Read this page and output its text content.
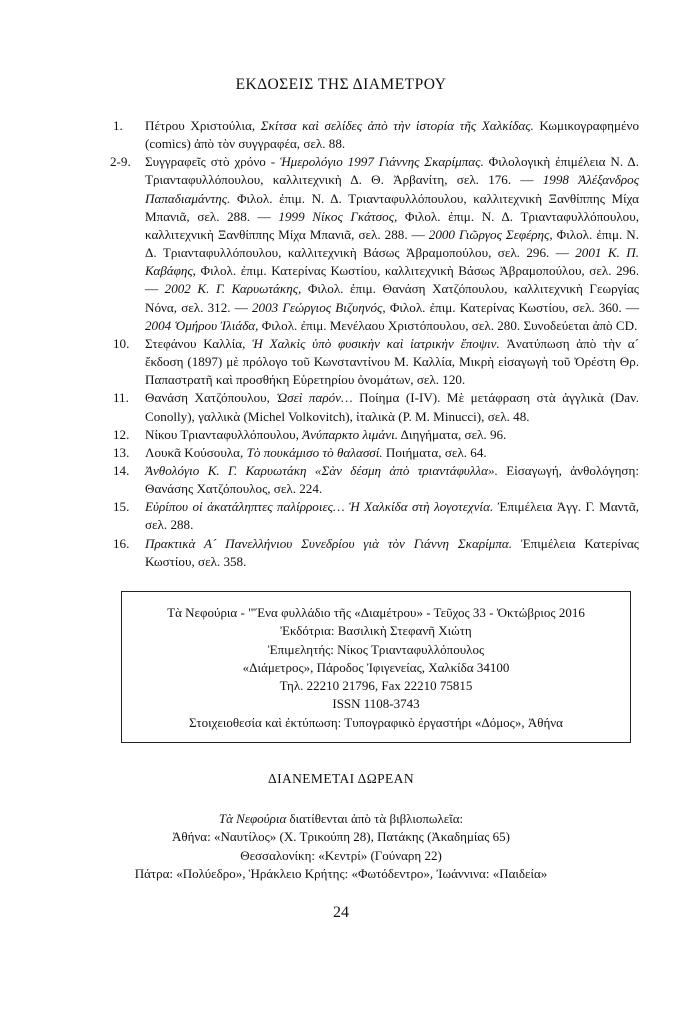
ΕΚΔΟΣΕΙΣ ΤΗΣ ΔΙΑΜΕΤΡΟΥ
1.	Πέτρου Χριστούλια, Σκίτσα καὶ σελίδες ἀπὸ τὴν ἱστορία τῆς Χαλκίδας. Κωμικογραφημένο (comics) ἀπὸ τὸν συγγραφέα, σελ. 88.
2-9.	Συγγραφεῖς στὸ χρόνο - Ἡμερολόγιο 1997 Γιάννης Σκαρίμπας. Φιλολογικὴ ἐπιμέλεια Ν. Δ. Τριανταφυλλόπουλου, καλλιτεχνικὴ Δ. Θ. Ἀρβανίτη, σελ. 176. — 1998 Ἀλέξανδρος Παπαδιαμάντης. Φιλολ. ἐπιμ. Ν. Δ. Τριανταφυλλόπουλου, καλλιτεχνικὴ Ξανθίππης Μίχα Μπανιᾶ, σελ. 288. — 1999 Νίκος Γκάτσος, Φιλολ. ἐπιμ. Ν. Δ. Τριανταφυλλόπουλου, καλλιτεχνικὴ Ξανθίππης Μίχα Μπανιᾶ, σελ. 288. — 2000 Γιῶργος Σεφέρης, Φιλολ. ἐπιμ. Ν. Δ. Τριανταφυλλόπουλου, καλλιτεχνικὴ Βάσως Ἀβραμοπούλου, σελ. 296. — 2001 Κ. Π. Καβάφης, Φιλολ. ἐπιμ. Κατερίνας Κωστίου, καλλιτεχνικὴ Βάσως Ἀβραμοπούλου, σελ. 296. — 2002 Κ. Γ. Καρυωτάκης, Φιλολ. ἐπιμ. Θανάση Χατζόπουλου, καλλιτεχνικὴ Γεωργίας Νόνα, σελ. 312. — 2003 Γεώργιος Βιζυηνός, Φιλολ. ἐπιμ. Κατερίνας Κωστίου, σελ. 360. — 2004 Ὁμήρου Ἰλιάδα, Φιλολ. ἐπιμ. Μενέλαου Χριστόπουλου, σελ. 280. Συνοδεύεται ἀπὸ CD.
10.	Στεφάνου Καλλία, Ἡ Χαλκὶς ὑπὸ φυσικὴν καὶ ἰατρικὴν ἔποψιν. Ἀνατύπωση ἀπὸ τὴν α´ ἔκδοση (1897) μὲ πρόλογο τοῦ Κωνσταντίνου Μ. Καλλία, Μικρὴ εἰσαγωγὴ τοῦ Ὀρέστη Θρ. Παπαστρατῆ καὶ προσθήκη Εὑρετηρίου ὀνομάτων, σελ. 120.
11.	Θανάση Χατζόπουλου, Ὡσεὶ παρόν… Ποίημα (I-IV). Μὲ μετάφραση στὰ ἀγγλικὰ (Dav. Conolly), γαλλικὰ (Michel Volkovitch), ἰταλικὰ (P. M. Minucci), σελ. 48.
12.	Νίκου Τριανταφυλλόπουλου, Ἀνύπαρκτο λιμάνι. Διηγήματα, σελ. 96.
13.	Λουκᾶ Κούσουλα, Τὸ πουκάμισο τὸ θαλασσί. Ποιήματα, σελ. 64.
14.	Ἀνθολόγιο Κ. Γ. Καρυωτάκη «Σὰν δέσμη ἀπὸ τριαντάφυλλα». Εἰσαγωγή, ἀνθολόγηση: Θανάσης Χατζόπουλος, σελ. 224.
15.	Εὐρίπου οἱ ἀκατάληπτες παλίρροιες… Ἡ Χαλκίδα στὴ λογοτεχνία. Ἐπιμέλεια Ἀγγ. Γ. Μαντᾶ, σελ. 288.
16.	Πρακτικὰ Α´ Πανελλήνιου Συνεδρίου γιὰ τὸν Γιάννη Σκαρίμπα. Ἐπιμέλεια Κατερίνας Κωστίου, σελ. 358.
Τὰ Νεφούρια - "Ἕνα φυλλάδιο τῆς «Διαμέτρου» - Τεῦχος 33 - Ὀκτώβριος 2016
Ἐκδότρια: Βασιλικὴ Στεφανῆ Χιώτη
Ἐπιμελητής: Νίκος Τριανταφυλλόπουλος
«Διάμετρος», Πάροδος Ἰφιγενείας, Χαλκίδα 34100
Τηλ. 22210 21796, Fax 22210 75815
ISSN 1108-3743
Στοιχειοθεσία καὶ ἐκτύπωση: Τυπογραφικὸ ἐργαστήρι «Δόμος», Ἀθήνα
ΔΙΑΝΕΜΕΤΑΙ ΔΩΡΕΑΝ
Τὰ Νεφούρια διατίθενται ἀπὸ τὰ βιβλιοπωλεῖα:
Ἀθήνα: «Ναυτίλος» (Χ. Τρικούπη 28), Πατάκης (Ἀκαδημίας 65)
Θεσσαλονίκη: «Κεντρί» (Γούναρη 22)
Πάτρα: «Πολύεδρο», Ἡράκλειο Κρήτης: «Φωτόδεντρο», Ἰωάννινα: «Παιδεία»
24
